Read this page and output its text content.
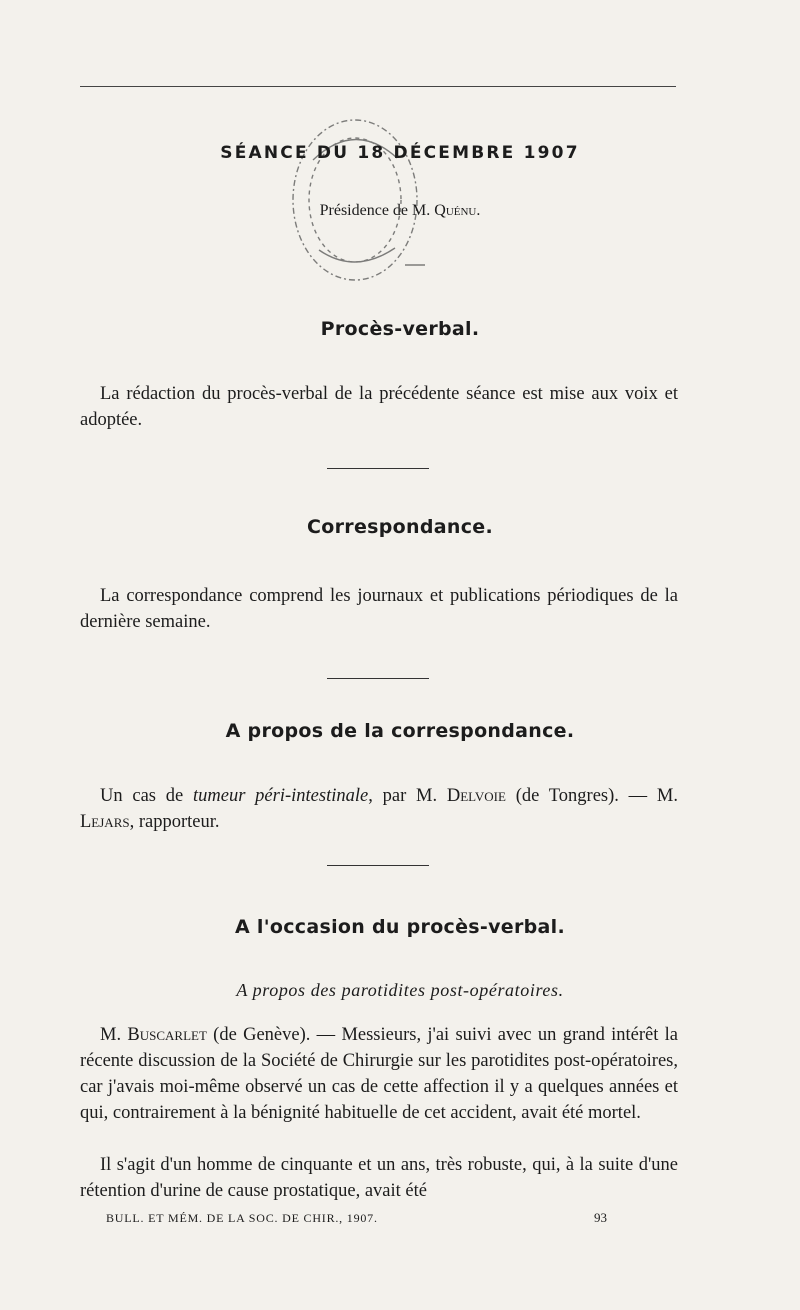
SÉANCE DU 18 DÉCEMBRE 1907
Présidence de M. Quénu.
Procès-verbal.
La rédaction du procès-verbal de la précédente séance est mise aux voix et adoptée.
Correspondance.
La correspondance comprend les journaux et publications périodiques de la dernière semaine.
A propos de la correspondance.
Un cas de tumeur péri-intestinale, par M. Delvoie (de Tongres). — M. Lejars, rapporteur.
A l'occasion du procès-verbal.
A propos des parotidites post-opératoires.
M. Buscarlet (de Genève). — Messieurs, j'ai suivi avec un grand intérêt la récente discussion de la Société de Chirurgie sur les parotidites post-opératoires, car j'avais moi-même observé un cas de cette affection il y a quelques années et qui, contrairement à la bénignité habituelle de cet accident, avait été mortel.
Il s'agit d'un homme de cinquante et un ans, très robuste, qui, à la suite d'une rétention d'urine de cause prostatique, avait été
BULL. ET MÉM. DE LA SOC. DE CHIR., 1907.	93
